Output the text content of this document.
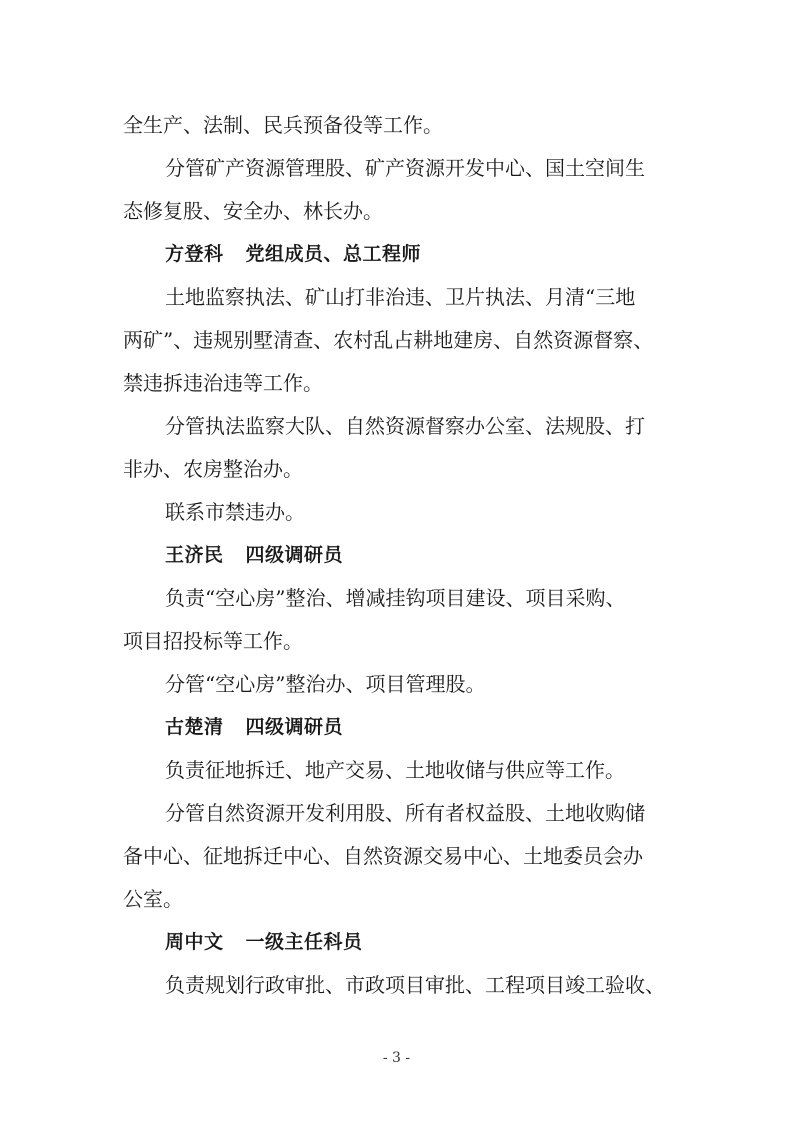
全生产、法制、民兵预备役等工作。
分管矿产资源管理股、矿产资源开发中心、国土空间生
态修复股、安全办、林长办。
方登科 党组成员、总工程师
土地监察执法、矿山打非治违、卫片执法、月清“三地
两矿”、违规别墅清查、农村乱占耕地建房、自然资源督察、
禁违拆违治违等工作。
分管执法监察大队、自然资源督察办公室、法规股、打
非办、农房整治办。
联系市禁违办。
王济民 四级调研员
负责“空心房”整治、增减挂钩项目建设、项目采购、
项目招投标等工作。
分管“空心房”整治办、项目管理股。
古楚清 四级调研员
负责征地拆迁、地产交易、土地收储与供应等工作。
分管自然资源开发利用股、所有者权益股、土地收购储
备中心、征地拆迁中心、自然资源交易中心、土地委员会办
公室。
周中文 一级主任科员
负责规划行政审批、市政项目审批、工程项目竣工验收、
- 3 -
